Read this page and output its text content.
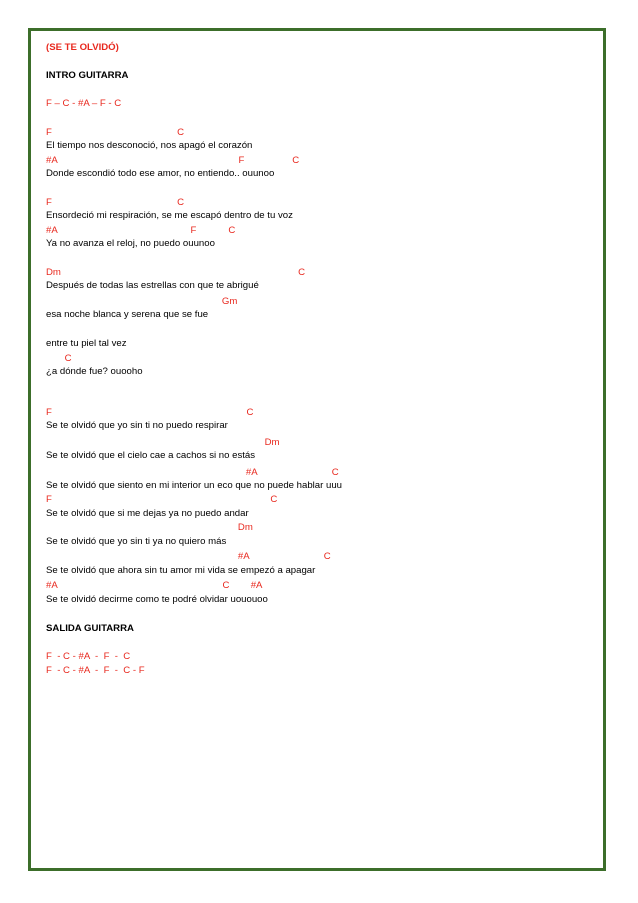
(SE TE OLVIDÓ)
INTRO GUITARRA
F – C - #A – F - C
F                                               C
El tiempo nos desconoció, nos apagó el corazón
#A                                                                    F                  C
Donde escondió todo ese amor, no entiendo.. ouunoo
F                                               C
Ensordeció mi respiración, se me escapó dentro de tu voz
#A                                                  F            C
Ya no avanza el reloj, no puedo ouunoo
Dm                                                                                         C
Después de todas las estrellas con que te abrigué
Gm
esa noche blanca y serena que se fue
entre tu piel tal vez
C
¿a dónde fue? ouooho
F                                                                         C
Se te olvidó que yo sin ti no puedo respirar
Dm
Se te olvidó que el cielo cae a cachos si no estás
#A                            C
Se te olvidó que siento en mi interior un eco que no puede hablar uuu
F                                                                                  C
Se te olvidó que si me dejas ya no puedo andar
Dm
Se te olvidó que yo sin ti ya no quiero más
#A                            C
Se te olvidó que ahora sin tu amor mi vida se empezó a apagar
#A                                                              C        #A
Se te olvidó decirme como te podré olvidar uououoo
SALIDA GUITARRA
F  - C - #A  -  F  -  C
F  - C - #A  -  F  -  C - F
